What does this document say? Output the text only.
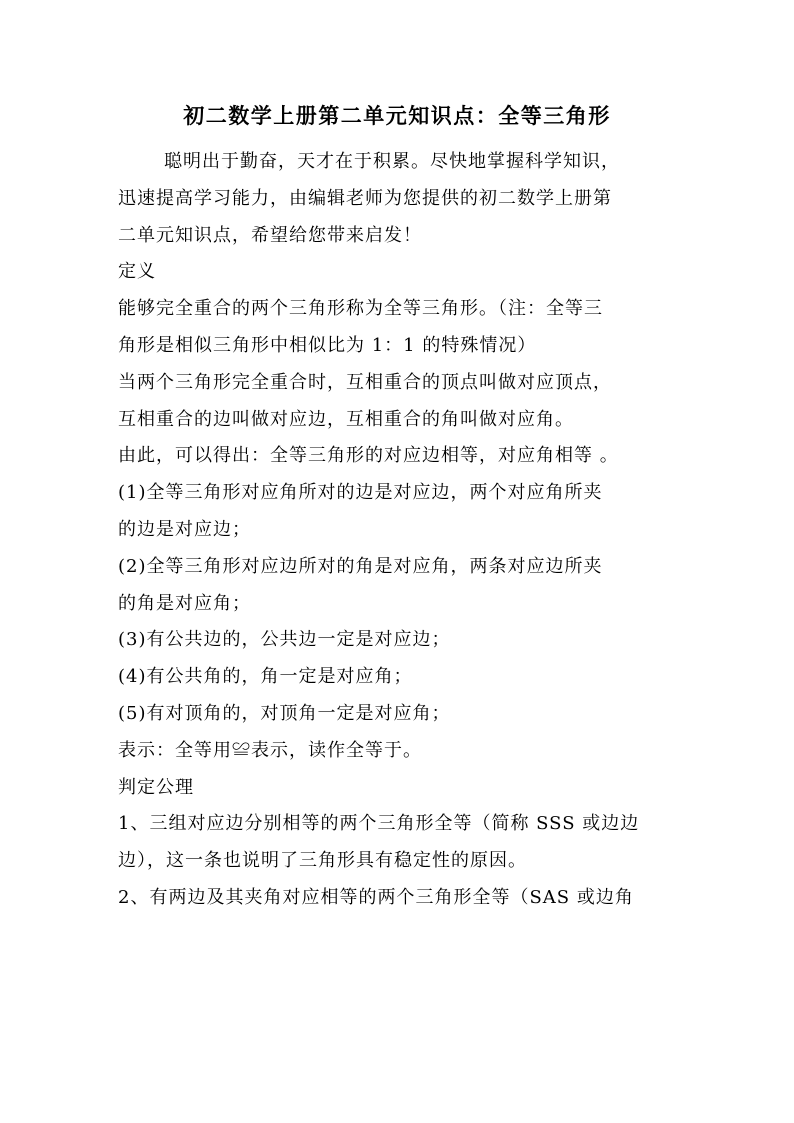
初二数学上册第二单元知识点：全等三角形
聪明出于勤奋，天才在于积累。尽快地掌握科学知识，
迅速提高学习能力，由编辑老师为您提供的初二数学上册第
二单元知识点，希望给您带来启发！
定义
能够完全重合的两个三角形称为全等三角形。（注：全等三
角形是相似三角形中相似比为 1：1 的特殊情况）
当两个三角形完全重合时，互相重合的顶点叫做对应顶点，
互相重合的边叫做对应边，互相重合的角叫做对应角。
由此，可以得出：全等三角形的对应边相等，对应角相等 。
(1)全等三角形对应角所对的边是对应边，两个对应角所夹
的边是对应边；
(2)全等三角形对应边所对的角是对应角，两条对应边所夹
的角是对应角；
(3)有公共边的，公共边一定是对应边；
(4)有公共角的，角一定是对应角；
(5)有对顶角的，对顶角一定是对应角；
表示：全等用≌表示，读作全等于。
判定公理
1、三组对应边分别相等的两个三角形全等（简称 SSS 或边边
边），这一条也说明了三角形具有稳定性的原因。
2、有两边及其夹角对应相等的两个三角形全等（SAS 或边角
